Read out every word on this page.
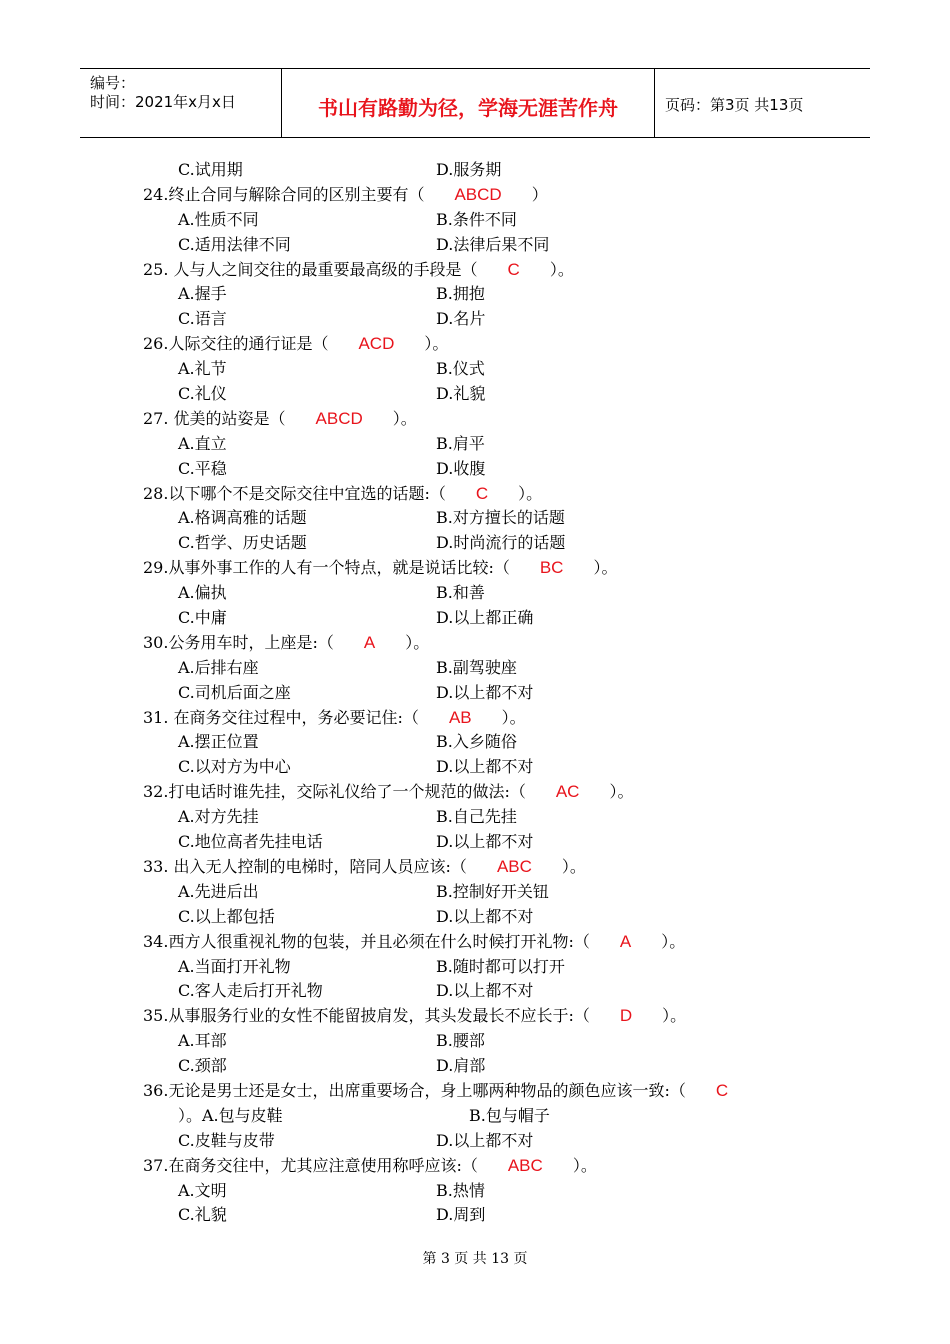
编号：
时间：2021年x月x日	书山有路勤为径，学海无涯苦作舟	页码：第3页 共13页
C.试用期	D.服务期
24.终止合同与解除合同的区别主要有（ ABCD ）
A.性质不同	B.条件不同
C.适用法律不同	D.法律后果不同
25. 人与人之间交往的最重要最高级的手段是（ C ）。
A.握手	B.拥抱
C.语言	D.名片
26.人际交往的通行证是（ ACD ）。
A.礼节	B.仪式
C.礼仪	D.礼貌
27. 优美的站姿是（ ABCD ）。
A.直立	B.肩平
C.平稳	D.收腹
28.以下哪个不是交际交往中宜选的话题:（ C ）。
A.格调高雅的话题	B.对方擅长的话题
C.哲学、历史话题	D.时尚流行的话题
29.从事外事工作的人有一个特点，就是说话比较:（ BC ）。
A.偏执	B.和善
C.中庸	D.以上都正确
30.公务用车时，上座是:（ A ）。
A.后排右座	B.副驾驶座
C.司机后面之座	D.以上都不对
31. 在商务交往过程中，务必要记住:（ AB ）。
A.摆正位置	B.入乡随俗
C.以对方为中心	D.以上都不对
32.打电话时谁先挂，交际礼仪给了一个规范的做法:（ AC ）。
A.对方先挂	B.自己先挂
C.地位高者先挂电话	D.以上都不对
33. 出入无人控制的电梯时，陪同人员应该:（ ABC ）。
A.先进后出	B.控制好开关钮
C.以上都包括	D.以上都不对
34.西方人很重视礼物的包装，并且必须在什么时候打开礼物:（ A ）。
A.当面打开礼物	B.随时都可以打开
C.客人走后打开礼物	D.以上都不对
35.从事服务行业的女性不能留披肩发，其头发最长不应长于:（ D ）。
A.耳部	B.腰部
C.颈部	D.肩部
36.无论是男士还是女士，出席重要场合，身上哪两种物品的颜色应该一致:（ C
）。A.包与皮鞋	B.包与帽子
C.皮鞋与皮带	D.以上都不对
37.在商务交往中，尤其应注意使用称呼应该:（ ABC ）。
A.文明	B.热情
C.礼貌	D.周到
第 3 页 共 13 页
